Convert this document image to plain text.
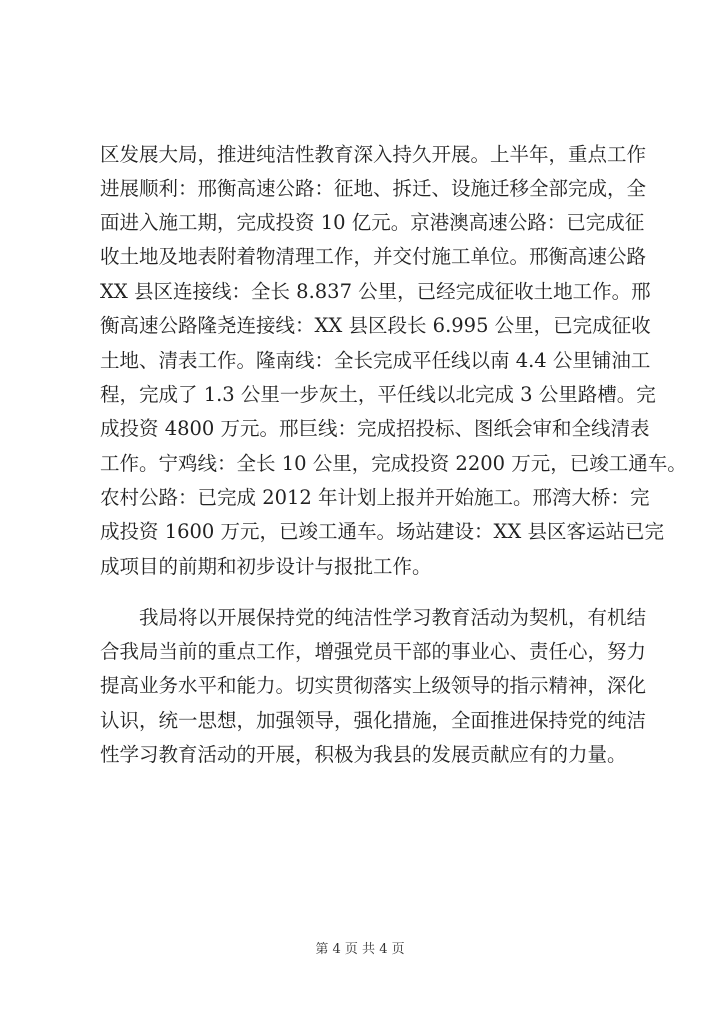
区发展大局，推进纯洁性教育深入持久开展。上半年，重点工作
进展顺利：邢衡高速公路：征地、拆迁、设施迁移全部完成，全
面进入施工期，完成投资 10 亿元。京港澳高速公路：已完成征
收土地及地表附着物清理工作，并交付施工单位。邢衡高速公路
XX 县区连接线：全长 8.837 公里，已经完成征收土地工作。邢
衡高速公路隆尧连接线：XX 县区段长 6.995 公里，已完成征收
土地、清表工作。隆南线：全长完成平任线以南 4.4 公里铺油工
程，完成了 1.3 公里一步灰土，平任线以北完成 3 公里路槽。完
成投资 4800 万元。邢巨线：完成招投标、图纸会审和全线清表
工作。宁鸡线：全长 10 公里，完成投资 2200 万元，已竣工通车。
农村公路：已完成 2012 年计划上报并开始施工。邢湾大桥：完
成投资 1600 万元，已竣工通车。场站建设：XX 县区客运站已完
成项目的前期和初步设计与报批工作。
我局将以开展保持党的纯洁性学习教育活动为契机，有机结
合我局当前的重点工作，增强党员干部的事业心、责任心，努力
提高业务水平和能力。切实贯彻落实上级领导的指示精神，深化
认识，统一思想，加强领导，强化措施，全面推进保持党的纯洁
性学习教育活动的开展，积极为我县的发展贡献应有的力量。
第 4 页 共 4 页
